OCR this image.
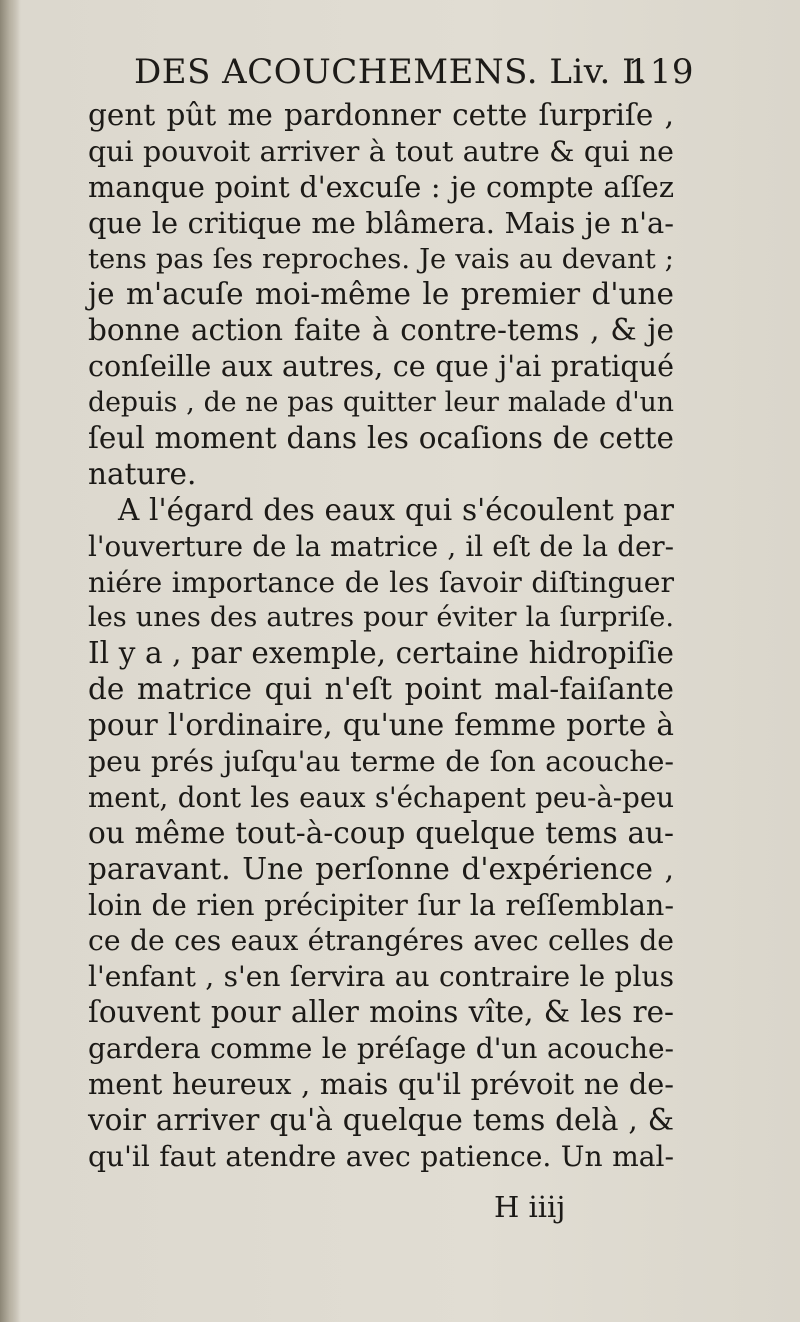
DES ACOUCHEMENS. Liv. I.
119
gent pût me pardonner cette ſurpriſe ,
qui pouvoit arriver à tout autre & qui ne
manque point d'excuſe : je compte aſſez
que le critique me blâmera. Mais je n'a-
tens pas ſes reproches. Je vais au devant ;
je m'acuſe moi-même le premier d'une
bonne action faite à contre-tems , & je
conſeille aux autres, ce que j'ai pratiqué
depuis , de ne pas quitter leur malade d'un
ſeul moment dans les ocaſions de cette
nature.
A l'égard des eaux qui s'écoulent par
l'ouverture de la matrice , il eſt de la der-
niére importance de les ſavoir diſtinguer
les unes des autres pour éviter la ſurpriſe.
Il y a , par exemple, certaine hidropiſie
de matrice qui n'eſt point mal-faiſante
pour l'ordinaire, qu'une femme porte à
peu prés juſqu'au terme de ſon acouche-
ment, dont les eaux s'échapent peu-à-peu
ou même tout-à-coup quelque tems au-
paravant. Une perſonne d'expérience ,
loin de rien précipiter ſur la reſſemblan-
ce de ces eaux étrangéres avec celles de
l'enfant , s'en ſervira au contraire le plus
ſouvent pour aller moins vîte, & les re-
gardera comme le préſage d'un acouche-
ment heureux , mais qu'il prévoit ne de-
voir arriver qu'à quelque tems delà , &
qu'il faut atendre avec patience. Un mal-
H iiij
